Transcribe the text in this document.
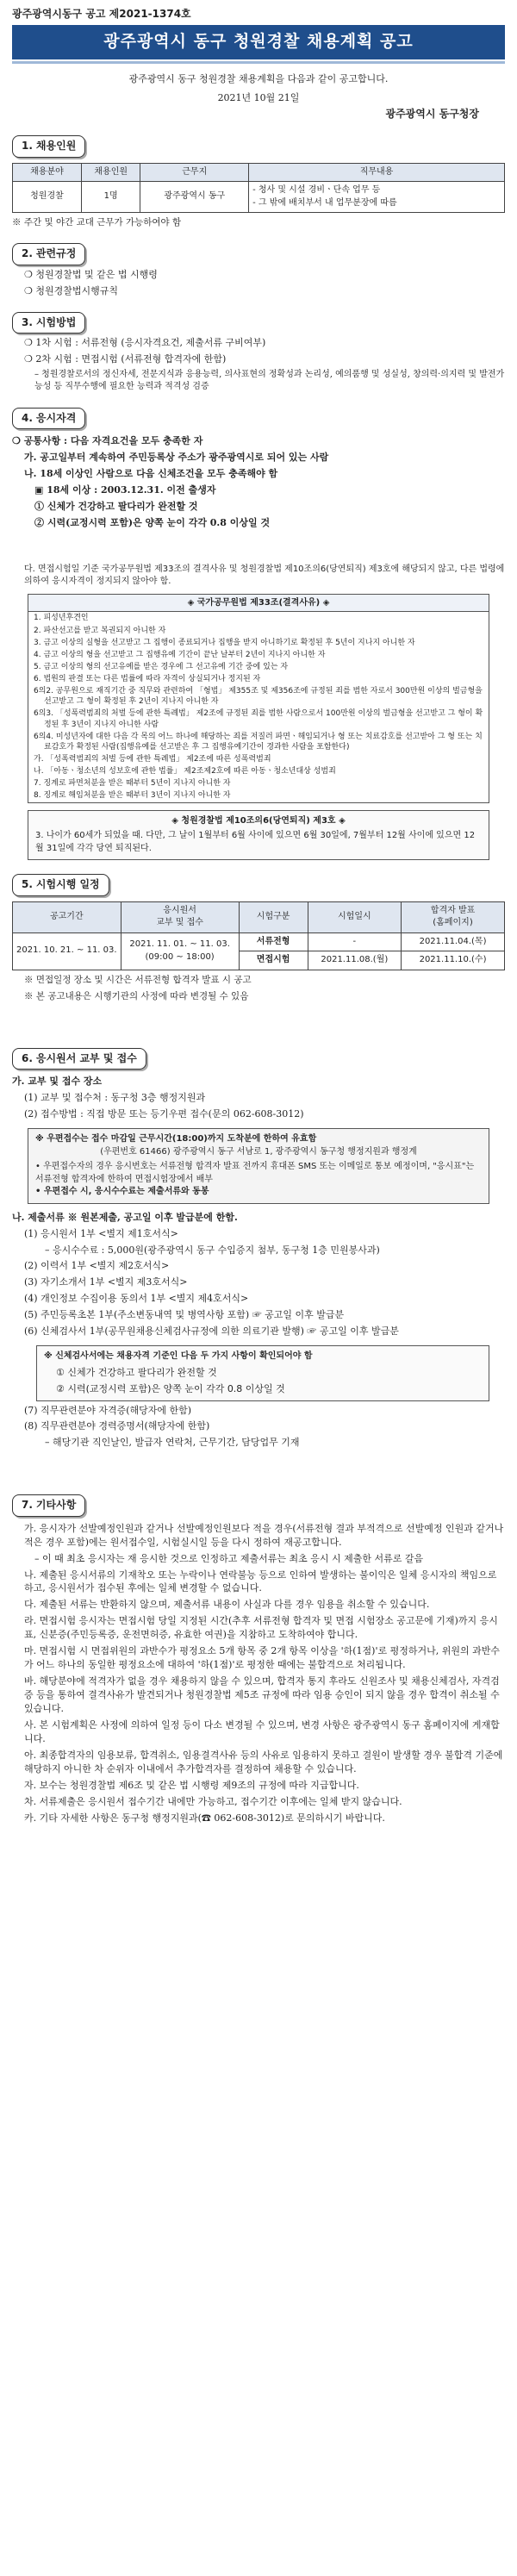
광주광역시동구 공고 제2021-1374호
광주광역시 동구 청원경찰 채용계획 공고
광주광역시 동구 청원경찰 채용계획을 다음과 같이 공고합니다.
2021년 10월 21일
광주광역시 동구청장
1. 채용인원
채용분야	채용인원	근무지	직무내용
청원경찰	1명	광주광역시 동구	- 청사 및 시설 경비ㆍ단속 업무 등
- 그 밖에 배치부서 내 업무분장에 따름
※ 주간 및 야간 교대 근무가 가능하여야 함
2. 관련규정
❍ 청원경찰법 및 같은 법 시행령
❍ 청원경찰법시행규칙
3. 시험방법
❍ 1차 시험 : 서류전형 (응시자격요건, 제출서류 구비여부)
❍ 2차 시험 : 면접시험 (서류전형 합격자에 한함)
– 청원경찰로서의 정신자세, 전문지식과 응용능력, 의사표현의 정확성과 논리성, 예의품행 및 성실성, 창의력·의지력 및 발전가능성 등 직무수행에 필요한 능력과 적격성 검증
4. 응시자격
❍ 공통사항 : 다음 자격요건을 모두 충족한 자
가. 공고일부터 계속하여 주민등록상 주소가 광주광역시로 되어 있는 사람
나. 18세 이상인 사람으로 다음 신체조건을 모두 충족해야 함
▣ 18세 이상 : 2003.12.31. 이전 출생자
① 신체가 건강하고 팔다리가 완전할 것
② 시력(교정시력 포함)은 양쪽 눈이 각각 0.8 이상일 것
다. 면접시험일 기준 국가공무원법 제33조의 결격사유 및 청원경찰법 제10조의6(당연퇴직) 제3호에 해당되지 않고, 다른 법령에 의하여 응시자격이 정지되지 않아야 함.
◈ 국가공무원법 제33조(결격사유) ◈
1. 피성년후견인
2. 파산선고를 받고 복권되지 아니한 자
3. 금고 이상의 실형을 선고받고 그 집행이 종료되거나 집행을 받지 아니하기로 확정된 후 5년이 지나지 아니한 자
4. 금고 이상의 형을 선고받고 그 집행유예 기간이 끝난 날부터 2년이 지나지 아니한 자
5. 금고 이상의 형의 선고유예를 받은 경우에 그 선고유예 기간 중에 있는 자
6. 법원의 판결 또는 다른 법률에 따라 자격이 상실되거나 정지된 자
6의2. 공무원으로 재직기간 중 직무와 관련하여 「형법」 제355조 및 제356조에 규정된 죄를 범한 자로서 300만원 이상의 벌금형을 선고받고 그 형이 확정된 후 2년이 지나지 아니한 자
6의3. 「성폭력범죄의 처벌 등에 관한 특례법」 제2조에 규정된 죄를 범한 사람으로서 100만원 이상의 벌금형을 선고받고 그 형이 확정된 후 3년이 지나지 아니한 사람
6의4. 미성년자에 대한 다음 각 목의 어느 하나에 해당하는 죄를 저질러 파면ㆍ해임되거나 형 또는 치료감호를 선고받아 그 형 또는 치료감호가 확정된 사람(집행유예를 선고받은 후 그 집행유예기간이 경과한 사람을 포함한다)
가. 「성폭력범죄의 처벌 등에 관한 특례법」 제2조에 따른 성폭력범죄
나. 「아동ㆍ청소년의 성보호에 관한 법률」 제2조제2호에 따른 아동ㆍ청소년대상 성범죄
7. 징계로 파면처분을 받은 때부터 5년이 지나지 아니한 자
8. 징계로 해임처분을 받은 때부터 3년이 지나지 아니한 자
◈ 청원경찰법 제10조의6(당연퇴직) 제3호 ◈
3. 나이가 60세가 되었을 때. 다만, 그 날이 1월부터 6월 사이에 있으면 6월 30일에, 7월부터 12월 사이에 있으면 12월 31일에 각각 당연 퇴직된다.
5. 시험시행 일정
공고기간	응시원서
교부 및 접수	시험구분	시험일시	합격자 발표
(홈페이지)
2021. 10. 21. ~ 11. 03.	2021. 11. 01. ~ 11. 03.
(09:00 ~ 18:00)	서류전형	-	2021.11.04.(목)
		면접시험	2021.11.08.(월)	2021.11.10.(수)
※ 면접일정 장소 및 시간은 서류전형 합격자 발표 시 공고
※ 본 공고내용은 시행기관의 사정에 따라 변경될 수 있음
6. 응시원서 교부 및 접수
가. 교부 및 접수 장소
(1) 교부 및 접수처 : 동구청 3층 행정지원과
(2) 접수방법 : 직접 방문 또는 등기우편 접수(문의 062-608-3012)
※ 우편접수는 접수 마감일 근무시간(18:00)까지 도착분에 한하여 유효함
(우편번호 61466) 광주광역시 동구 서남로 1, 광주광역시 동구청 행정지원과 행정계
• 우편접수자의 경우 응시번호는 서류전형 합격자 발표 전까지 휴대폰 SMS 또는 이메일로 통보 예정이며, "응시표"는 서류전형 합격자에 한하여 면접시험장에서 배부
• 우편접수 시, 응시수수료는 제출서류와 동봉
나. 제출서류 ※ 원본제출, 공고일 이후 발급분에 한함.
(1) 응시원서 1부 <별지 제1호서식>
– 응시수수료 : 5,000원(광주광역시 동구 수입증지 첨부, 동구청 1층 민원봉사과)
(2) 이력서 1부 <별지 제2호서식>
(3) 자기소개서 1부 <별지 제3호서식>
(4) 개인정보 수집이용 동의서 1부 <별지 제4호서식>
(5) 주민등록초본 1부(주소변동내역 및 병역사항 포함) ☞ 공고일 이후 발급분
(6) 신체검사서 1부(공무원채용신체검사규정에 의한 의료기관 발행) ☞ 공고일 이후 발급분
※ 신체검사서에는 채용자격 기준인 다음 두 가지 사항이 확인되어야 함
① 신체가 건강하고 팔다리가 완전할 것
② 시력(교정시력 포함)은 양쪽 눈이 각각 0.8 이상일 것
(7) 직무관련분야 자격증(해당자에 한함)
(8) 직무관련분야 경력증명서(해당자에 한함)
– 해당기관 직인날인, 발급자 연락처, 근무기간, 담당업무 기재
7. 기타사항
가. 응시자가 선발예정인원과 같거나 선발예정인원보다 적을 경우(서류전형 결과 부적격으로 선발예정 인원과 같거나 적은 경우 포함)에는 원서접수일, 시험실시일 등을 다시 정하여 재공고합니다.
– 이 때 최초 응시자는 재 응시한 것으로 인정하고 제출서류는 최초 응시 시 제출한 서류로 갈음
나. 제출된 응시서류의 기재착오 또는 누락이나 연락불능 등으로 인하여 발생하는 불이익은 일체 응시자의 책임으로 하고, 응시원서가 접수된 후에는 일체 변경할 수 없습니다.
다. 제출된 서류는 반환하지 않으며, 제출서류 내용이 사실과 다를 경우 임용을 취소할 수 있습니다.
라. 면접시험 응시자는 면접시험 당일 지정된 시간(추후 서류전형 합격자 및 면접 시험장소 공고문에 기재)까지 응시표, 신분증(주민등록증, 운전면허증, 유효한 여권)을 지참하고 도착하여야 합니다.
마. 면접시험 시 면접위원의 과반수가 평정요소 5개 항목 중 2개 항목 이상을 '하(1점)'로 평정하거나, 위원의 과반수가 어느 하나의 동일한 평정요소에 대하여 '하(1점)'로 평정한 때에는 불합격으로 처리됩니다.
바. 해당분야에 적격자가 없을 경우 채용하지 않을 수 있으며, 합격자 통지 후라도 신원조사 및 채용신체검사, 자격검증 등을 통하여 결격사유가 발견되거나 청원경찰법 제5조 규정에 따라 임용 승인이 되지 않을 경우 합격이 취소될 수 있습니다.
사. 본 시험계획은 사정에 의하여 일정 등이 다소 변경될 수 있으며, 변경 사항은 광주광역시 동구 홈페이지에 게재합니다.
아. 최종합격자의 임용보류, 합격취소, 임용결격사유 등의 사유로 임용하지 못하고 결원이 발생할 경우 불합격 기준에 해당하지 아니한 차 순위자 이내에서 추가합격자를 결정하여 채용할 수 있습니다.
자. 보수는 청원경찰법 제6조 및 같은 법 시행령 제9조의 규정에 따라 지급합니다.
차. 서류제출은 응시원서 접수기간 내에만 가능하고, 접수기간 이후에는 일체 받지 않습니다.
카. 기타 자세한 사항은 동구청 행정지원과(☎ 062-608-3012)로 문의하시기 바랍니다.
